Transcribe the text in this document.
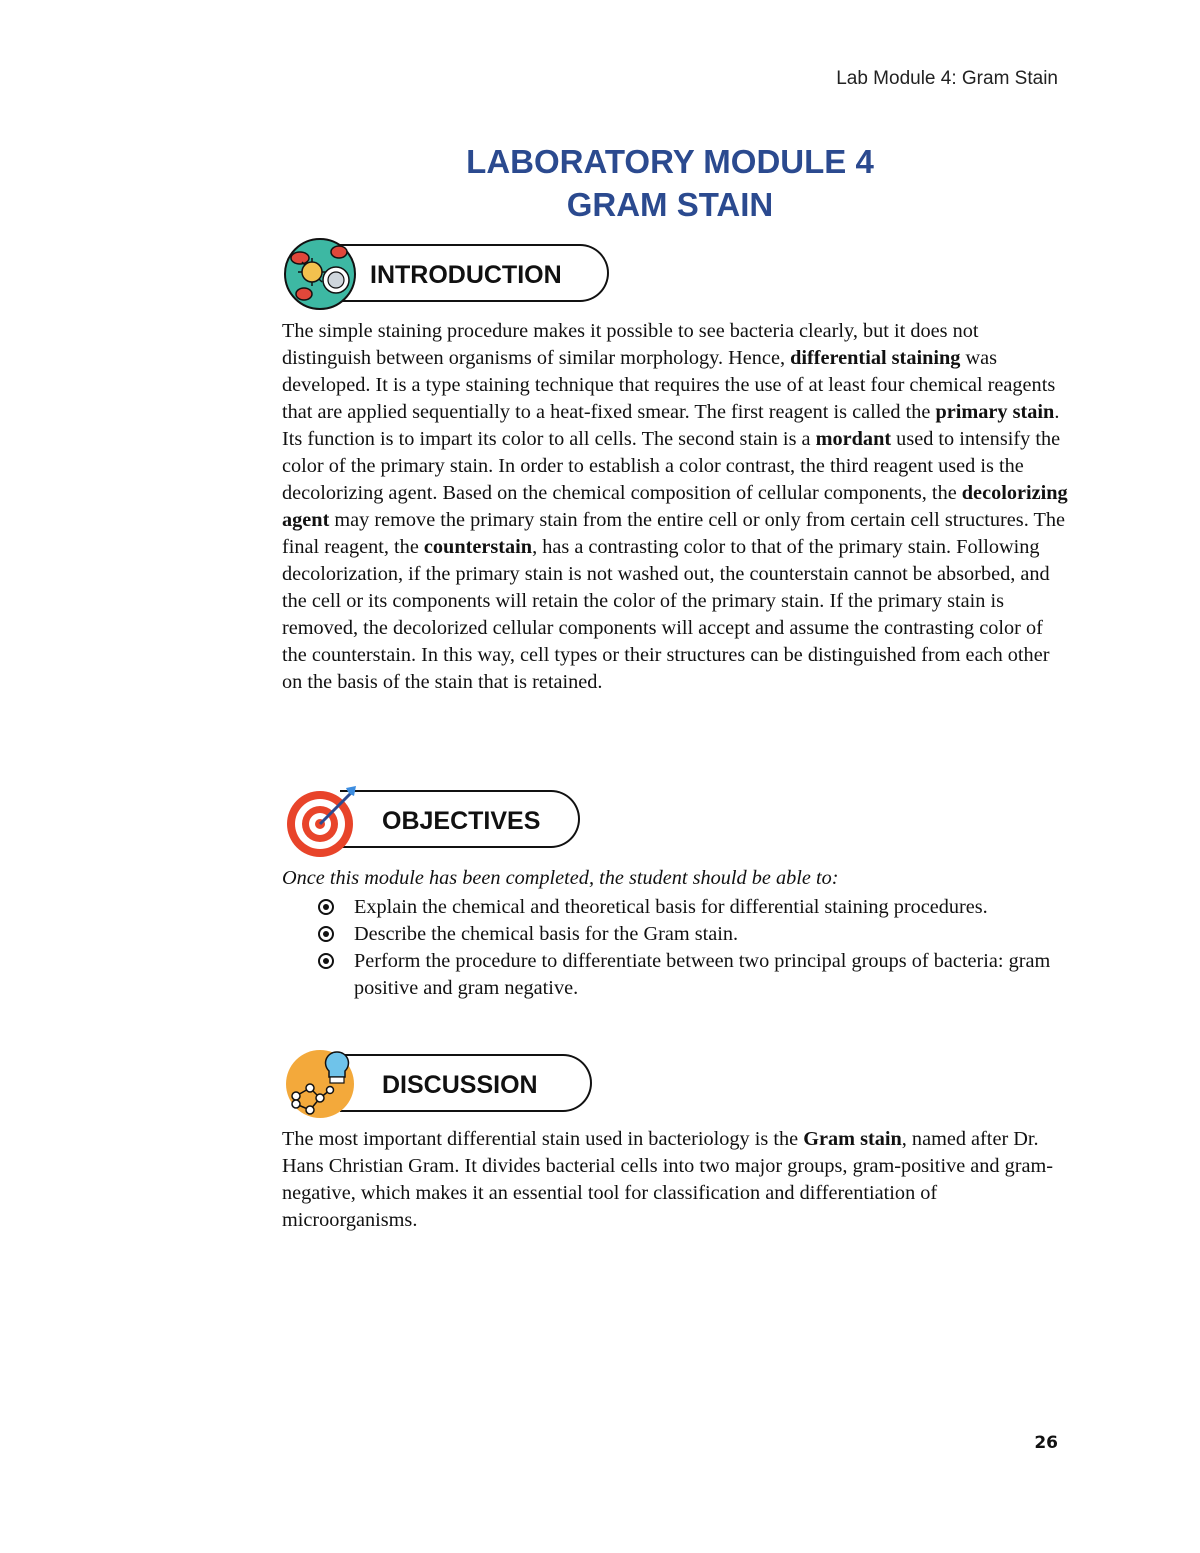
Lab Module 4: Gram Stain
LABORATORY MODULE 4
GRAM STAIN
INTRODUCTION
The simple staining procedure makes it possible to see bacteria clearly, but it does not distinguish between organisms of similar morphology. Hence, differential staining was developed. It is a type staining technique that requires the use of at least four chemical reagents that are applied sequentially to a heat-fixed smear. The first reagent is called the primary stain. Its function is to impart its color to all cells. The second stain is a mordant used to intensify the color of the primary stain. In order to establish a color contrast, the third reagent used is the decolorizing agent. Based on the chemical composition of cellular components, the decolorizing agent may remove the primary stain from the entire cell or only from certain cell structures. The final reagent, the counterstain, has a contrasting color to that of the primary stain. Following decolorization, if the primary stain is not washed out, the counterstain cannot be absorbed, and the cell or its components will retain the color of the primary stain. If the primary stain is removed, the decolorized cellular components will accept and assume the contrasting color of the counterstain. In this way, cell types or their structures can be distinguished from each other on the basis of the stain that is retained.
OBJECTIVES
Once this module has been completed, the student should be able to:
Explain the chemical and theoretical basis for differential staining procedures.
Describe the chemical basis for the Gram stain.
Perform the procedure to differentiate between two principal groups of bacteria: gram positive and gram negative.
DISCUSSION
The most important differential stain used in bacteriology is the Gram stain, named after Dr. Hans Christian Gram. It divides bacterial cells into two major groups, gram-positive and gram-negative, which makes it an essential tool for classification and differentiation of microorganisms.
26
